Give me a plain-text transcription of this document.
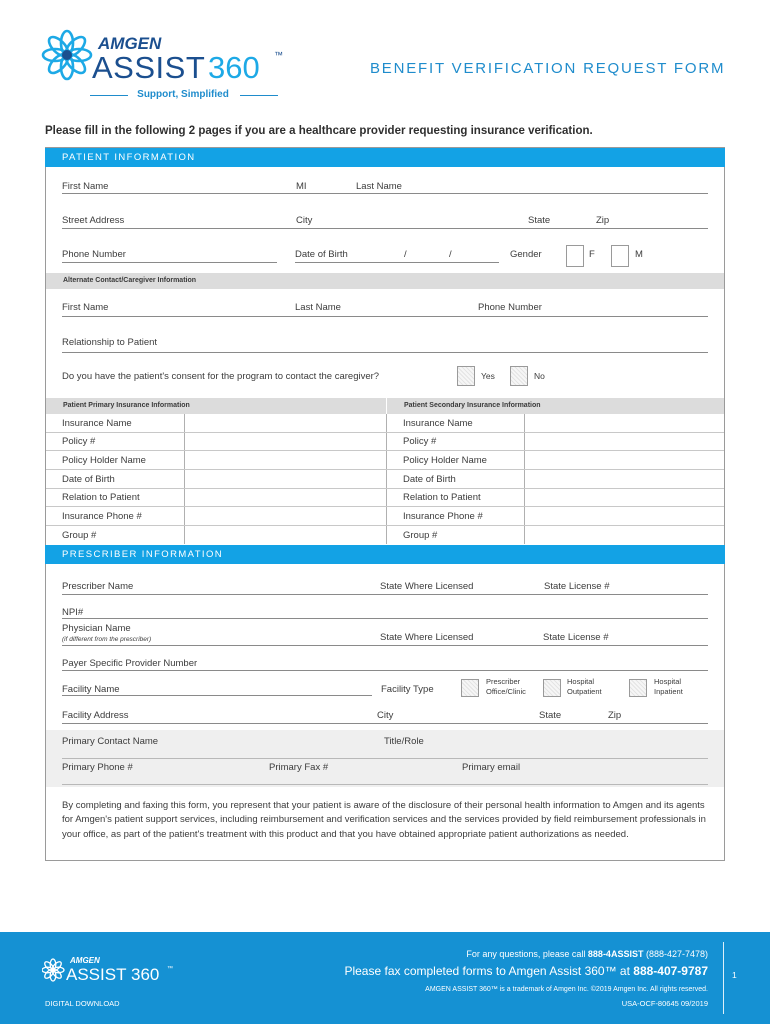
AMGEN
ASSIST 360 ™
Support, Simplified
BENEFIT VERIFICATION REQUEST FORM
Please fill in the following 2 pages if you are a healthcare provider requesting insurance verification.
PATIENT INFORMATION
First Name	MI	Last Name
Street Address	City	State	Zip
Phone Number	Date of Birth	/	/	Gender	F	M
Alternate Contact/Caregiver Information
First Name	Last Name	Phone Number
Relationship to Patient
Do you have the patient's consent for the program to contact the caregiver?	Yes	No
Patient Primary Insurance Information	Patient Secondary Insurance Information
Insurance Name	Insurance Name
Policy #	Policy #
Policy Holder Name	Policy Holder Name
Date of Birth	Date of Birth
Relation to Patient	Relation to Patient
Insurance Phone #	Insurance Phone #
Group #	Group #
PRESCRIBER INFORMATION
Prescriber Name	State Where Licensed	State License #
NPI#
Physician Name
(if different from the prescriber)	State Where Licensed	State License #
Payer Specific Provider Number
Facility Name	Facility Type
Prescriber
Office/Clinic
Hospital
Outpatient
Hospital
Inpatient
Facility Address	City	State	Zip
Primary Contact Name	Title/Role
Primary Phone #	Primary Fax #	Primary email
By completing and faxing this form, you represent that your patient is aware of the disclosure of their personal health information to Amgen and its agents for Amgen's patient support services, including reimbursement and verification services and the services provided by field reimbursement professionals in your office, as part of the patient's treatment with this product and that you have obtained appropriate patient authorizations as needed.
AMGEN
ASSIST 360 ™
DIGITAL DOWNLOAD
For any questions, please call 888-4ASSIST (888-427-7478)
Please fax completed forms to Amgen Assist 360™ at 888-407-9787
AMGEN ASSIST 360™ is a trademark of Amgen Inc. ©2019 Amgen Inc. All rights reserved.
USA-OCF-80645 09/2019
1
